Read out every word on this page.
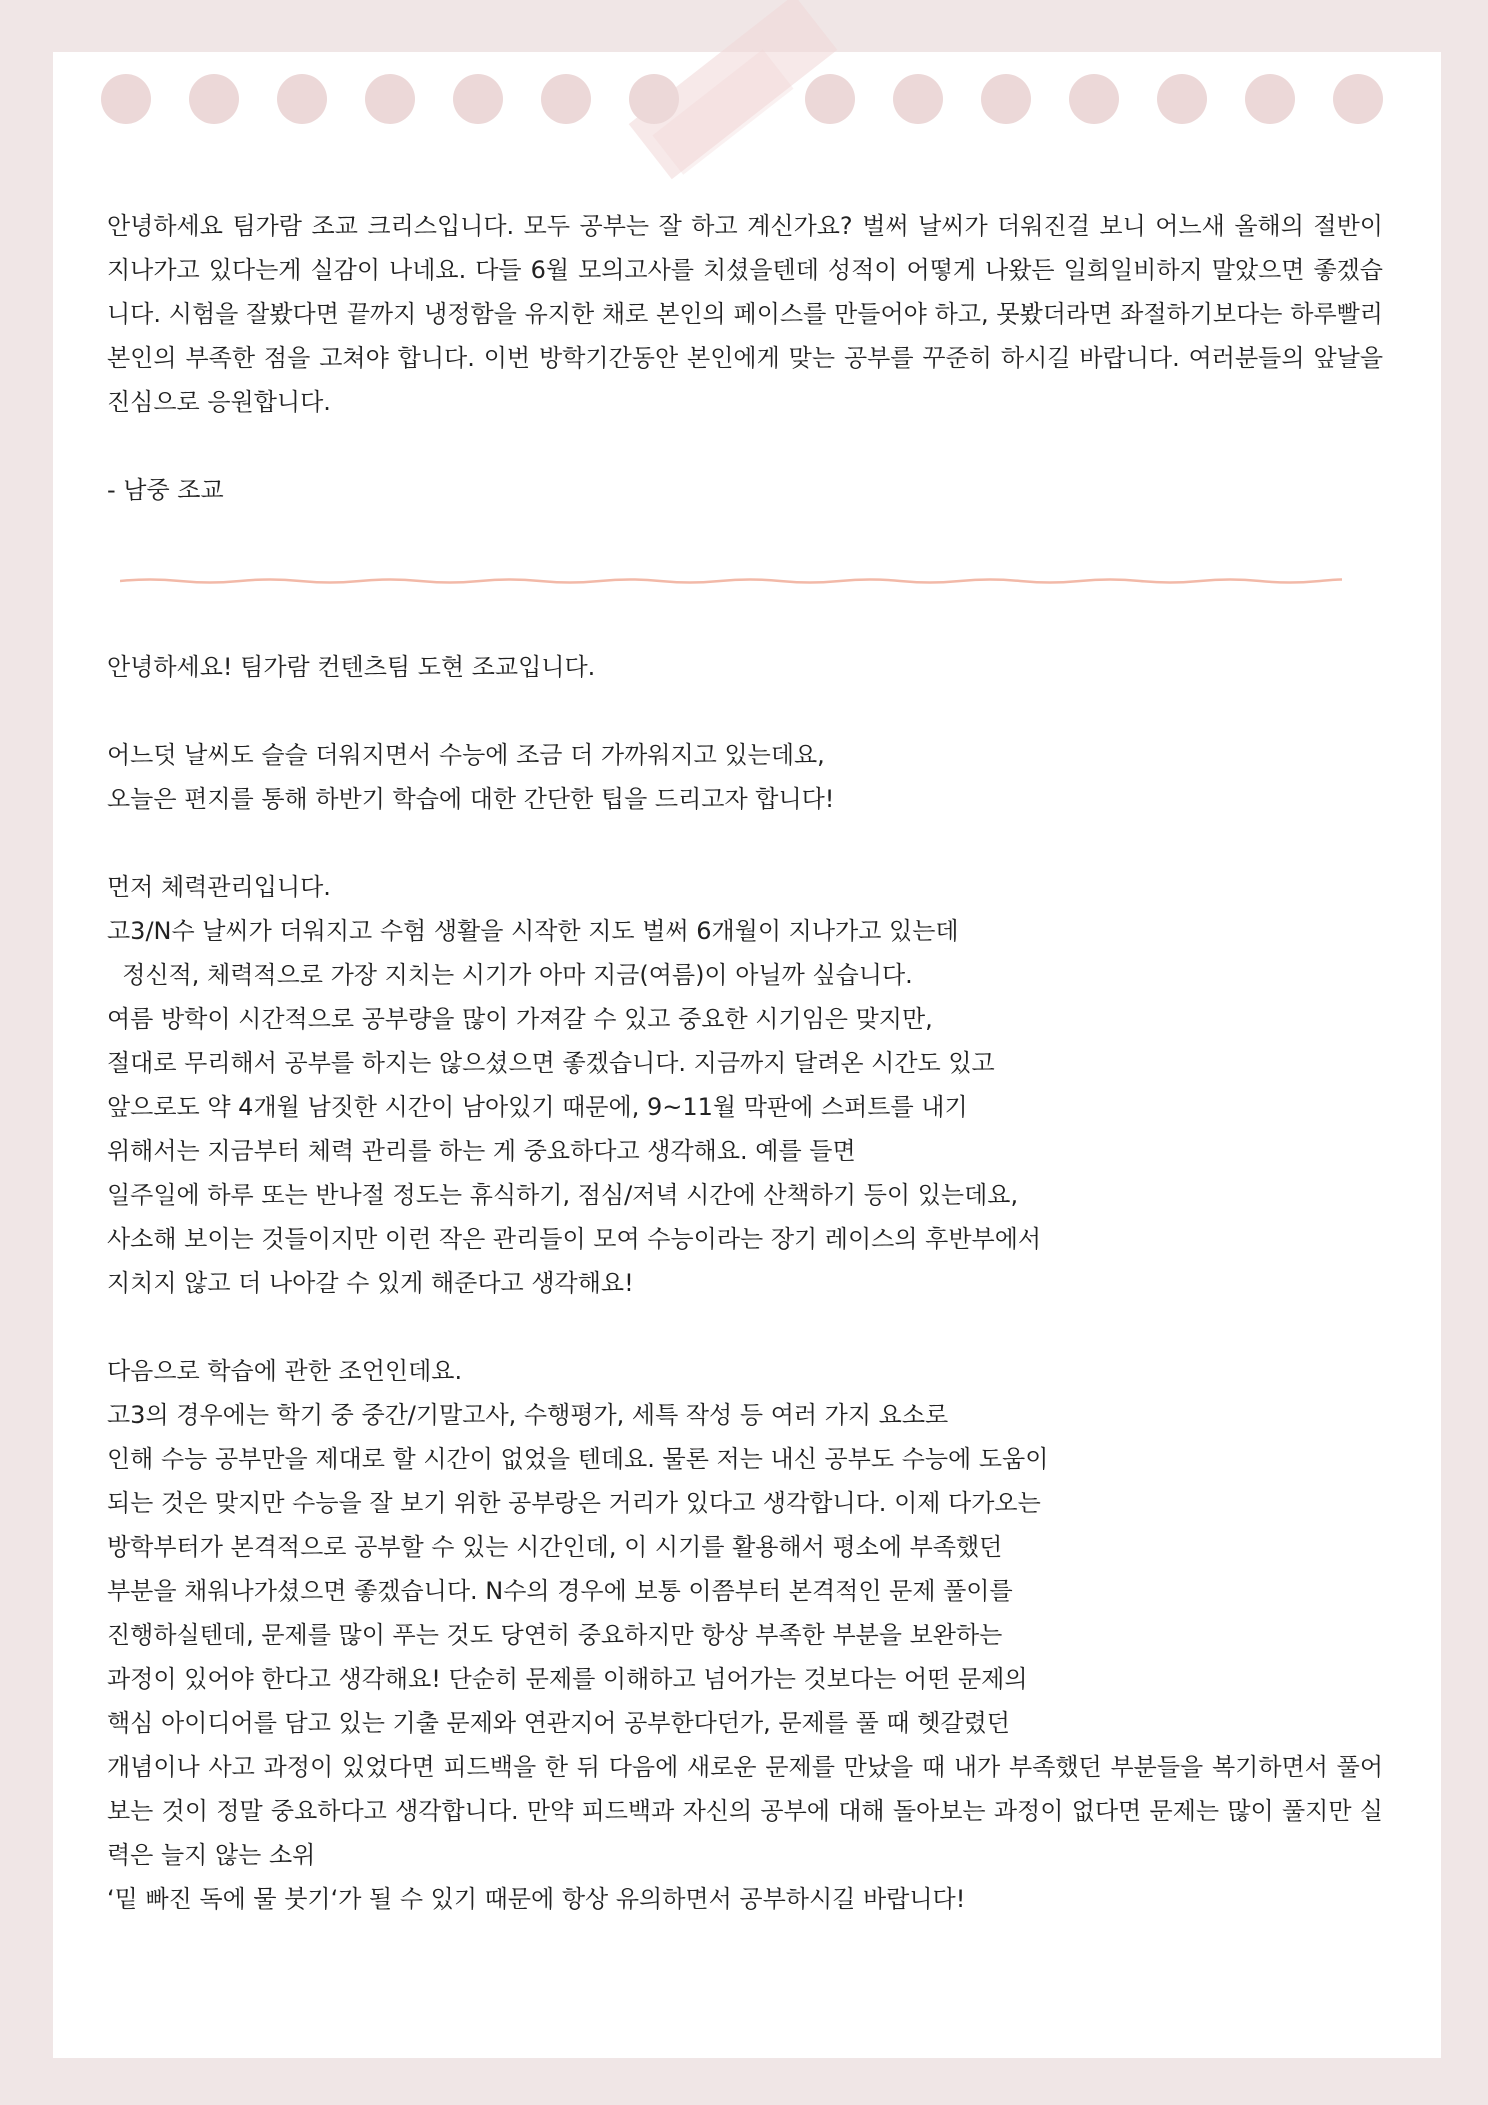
안녕하세요 팀가람 조교 크리스입니다. 모두 공부는 잘 하고 계신가요? 벌써 날씨가 더워진걸 보니 어느새 올해의 절반이 지나가고 있다는게 실감이 나네요. 다들 6월 모의고사를 치셨을텐데 성적이 어떻게 나왔든 일희일비하지 말았으면 좋겠습니다. 시험을 잘봤다면 끝까지 냉정함을 유지한 채로 본인의 페이스를 만들어야 하고, 못봤더라면 좌절하기보다는 하루빨리 본인의 부족한 점을 고쳐야 합니다. 이번 방학기간동안 본인에게 맞는 공부를 꾸준히 하시길 바랍니다. 여러분들의 앞날을 진심으로 응원합니다.

- 남중 조교

안녕하세요! 팀가람 컨텐츠팀 도현 조교입니다.
어느덧 날씨도 슬슬 더워지면서 수능에 조금 더 가까워지고 있는데요,
오늘은 편지를 통해 하반기 학습에 대한 간단한 팁을 드리고자 합니다!
먼저 체력관리입니다.
고3/N수 날씨가 더워지고 수험 생활을 시작한 지도 벌써 6개월이 지나가고 있는데
정신적, 체력적으로 가장 지치는 시기가 아마 지금(여름)이 아닐까 싶습니다.
여름 방학이 시간적으로 공부량을 많이 가져갈 수 있고 중요한 시기임은 맞지만,
절대로 무리해서 공부를 하지는 않으셨으면 좋겠습니다. 지금까지 달려온 시간도 있고
앞으로도 약 4개월 남짓한 시간이 남아있기 때문에, 9~11월 막판에 스퍼트를 내기
위해서는 지금부터 체력 관리를 하는 게 중요하다고 생각해요. 예를 들면
일주일에 하루 또는 반나절 정도는 휴식하기, 점심/저녁 시간에 산책하기 등이 있는데요,
사소해 보이는 것들이지만 이런 작은 관리들이 모여 수능이라는 장기 레이스의 후반부에서
지치지 않고 더 나아갈 수 있게 해준다고 생각해요!
다음으로 학습에 관한 조언인데요.
고3의 경우에는 학기 중 중간/기말고사, 수행평가, 세특 작성 등 여러 가지 요소로
인해 수능 공부만을 제대로 할 시간이 없었을 텐데요. 물론 저는 내신 공부도 수능에 도움이
되는 것은 맞지만 수능을 잘 보기 위한 공부랑은 거리가 있다고 생각합니다. 이제 다가오는
방학부터가 본격적으로 공부할 수 있는 시간인데, 이 시기를 활용해서 평소에 부족했던
부분을 채워나가셨으면 좋겠습니다. N수의 경우에 보통 이쯤부터 본격적인 문제 풀이를
진행하실텐데, 문제를 많이 푸는 것도 당연히 중요하지만 항상 부족한 부분을 보완하는
과정이 있어야 한다고 생각해요! 단순히 문제를 이해하고 넘어가는 것보다는 어떤 문제의
핵심 아이디어를 담고 있는 기출 문제와 연관지어 공부한다던가, 문제를 풀 때 헷갈렸던

개념이나 사고 과정이 있었다면 피드백을 한 뒤 다음에 새로운 문제를 만났을 때 내가 부족했던 부분들을 복기하면서 풀어보는 것이 정말 중요하다고 생각합니다. 만약 피드백과 자신의 공부에 대해 돌아보는 과정이 없다면 문제는 많이 풀지만 실력은 늘지 않는 소위

‘밑 빠진 독에 물 붓기‘가 될 수 있기 때문에 항상 유의하면서 공부하시길 바랍니다!
